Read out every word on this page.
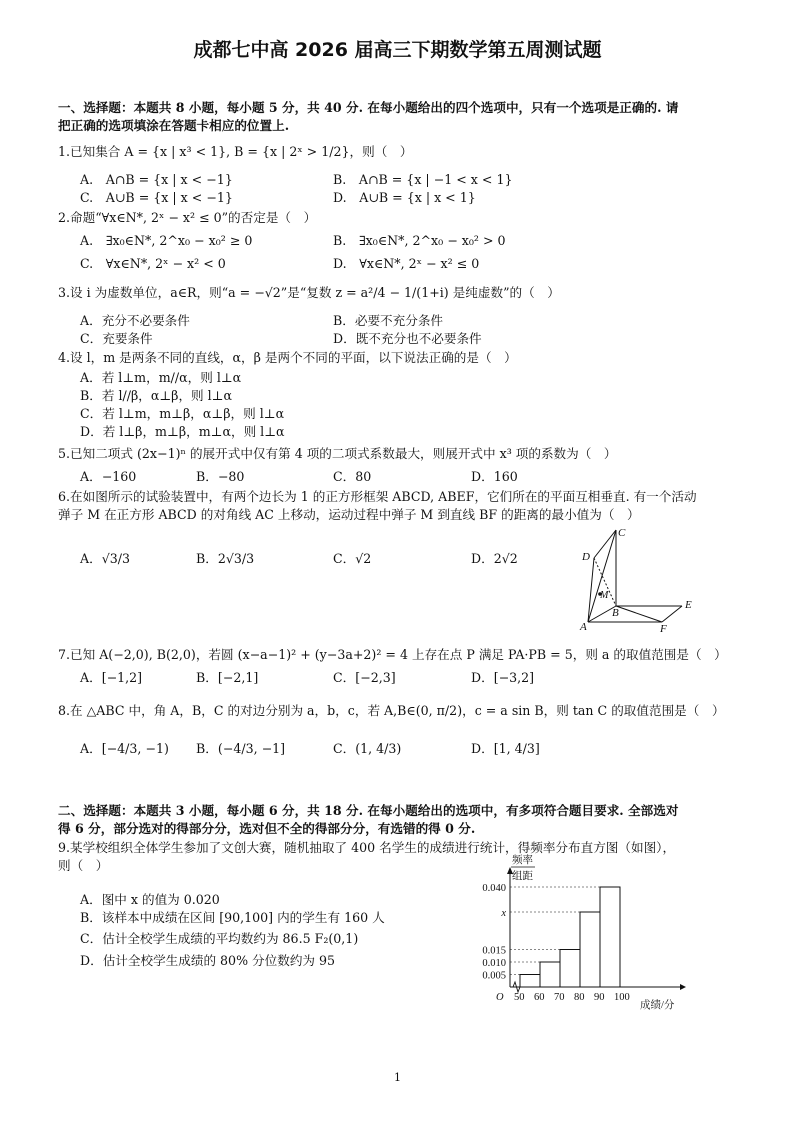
成都七中高 2026 届高三下期数学第五周测试题
一、选择题：本题共 8 小题，每小题 5 分，共 40 分. 在每小题给出的四个选项中，只有一个选项是正确的. 请
把正确的选项填涂在答题卡相应的位置上.
1.已知集合 A = {x | x³ < 1}, B = {x | 2ˣ > 1/2}，则（　）
A.　A∩B = {x | x < −1}	B.　A∩B = {x | −1 < x < 1}
C.　A∪B = {x | x < −1}	D.　A∪B = {x | x < 1}
2.命题“∀x∈N*, 2ˣ − x² ≤ 0”的否定是（　）
A.　∃x₀∈N*, 2^x₀ − x₀² ≥ 0	B.　∃x₀∈N*, 2^x₀ − x₀² > 0
C.　∀x∈N*, 2ˣ − x² < 0	D.　∀x∈N*, 2ˣ − x² ≤ 0
3.设 i 为虚数单位，a∈R，则“a = −√2”是“复数 z = a²/4 − 1/(1+i) 是纯虚数”的（　）
A．充分不必要条件	B．必要不充分条件
C．充要条件	D．既不充分也不必要条件
4.设 l，m 是两条不同的直线，α，β 是两个不同的平面，以下说法正确的是（　）
A．若 l⊥m，m//α，则 l⊥α
B．若 l//β，α⊥β，则 l⊥α
C．若 l⊥m，m⊥β，α⊥β，则 l⊥α
D．若 l⊥β，m⊥β，m⊥α，则 l⊥α
5.已知二项式 (2x−1)ⁿ 的展开式中仅有第 4 项的二项式系数最大，则展开式中 x³ 项的系数为（　）
A．−160	B．−80	C．80	D．160
6.在如图所示的试验装置中，有两个边长为 1 的正方形框架 ABCD, ABEF，它们所在的平面互相垂直. 有一个活动
弹子 M 在正方形 ABCD 的对角线 AC 上移动，运动过程中弹子 M 到直线 BF 的距离的最小值为（　）
A．√3/3	B．2√3/3	C．√2	D．2√2
C
D
M
B
E
A	F
7.已知 A(−2,0), B(2,0)，若圆 (x−a−1)² + (y−3a+2)² = 4 上存在点 P 满足 PA·PB = 5，则 a 的取值范围是（　）
A．[−1,2]	B．[−2,1]	C．[−2,3]	D．[−3,2]
8.在 △ABC 中，角 A，B，C 的对边分别为 a，b，c，若 A,B∈(0, π/2)，c = a sin B，则 tan C 的取值范围是（　）
A．[−4/3, −1) B．(−4/3, −1]	C．(1, 4/3)	D．[1, 4/3]
二、选择题：本题共 3 小题，每小题 6 分，共 18 分. 在每小题给出的选项中，有多项符合题目要求. 全部选对
得 6 分，部分选对的得部分分，选对但不全的得部分分，有选错的得 0 分.
9.某学校组织全体学生参加了文创大赛，随机抽取了 400 名学生的成绩进行统计，得频率分布直方图（如图），
则（　）
A．图中 x 的值为 0.020
B．该样本中成绩在区间 [90,100] 内的学生有 160 人
C．估计全校学生成绩的平均数约为 86.5 F₂(0,1)
D．估计全校学生成绩的 80% 分位数约为 95
频率
组距
成绩/分
O 50 60 70 80 90 100
0.040
x
0.015
0.010
0.005
1
